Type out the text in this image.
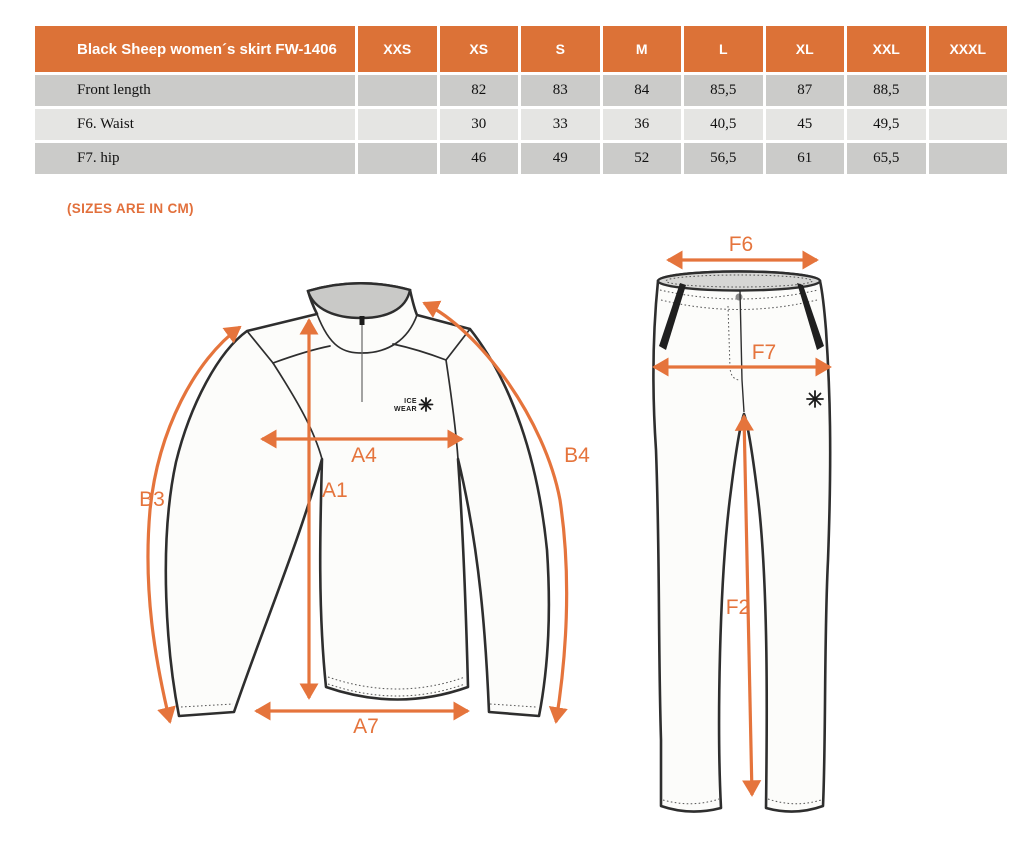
Black Sheep women´s skirt FW-1406	XXS	XS	S	M	L	XL	XXL	XXXL
Front length		82	83	84	85,5	87	88,5	
F6. Waist		30	33	36	40,5	45	49,5	
F7. hip		46	49	52	56,5	61	65,5	
(SIZES ARE IN CM)
ICE
WEAR
B3
B4
A4
A1
A7
F6
F7
F2
